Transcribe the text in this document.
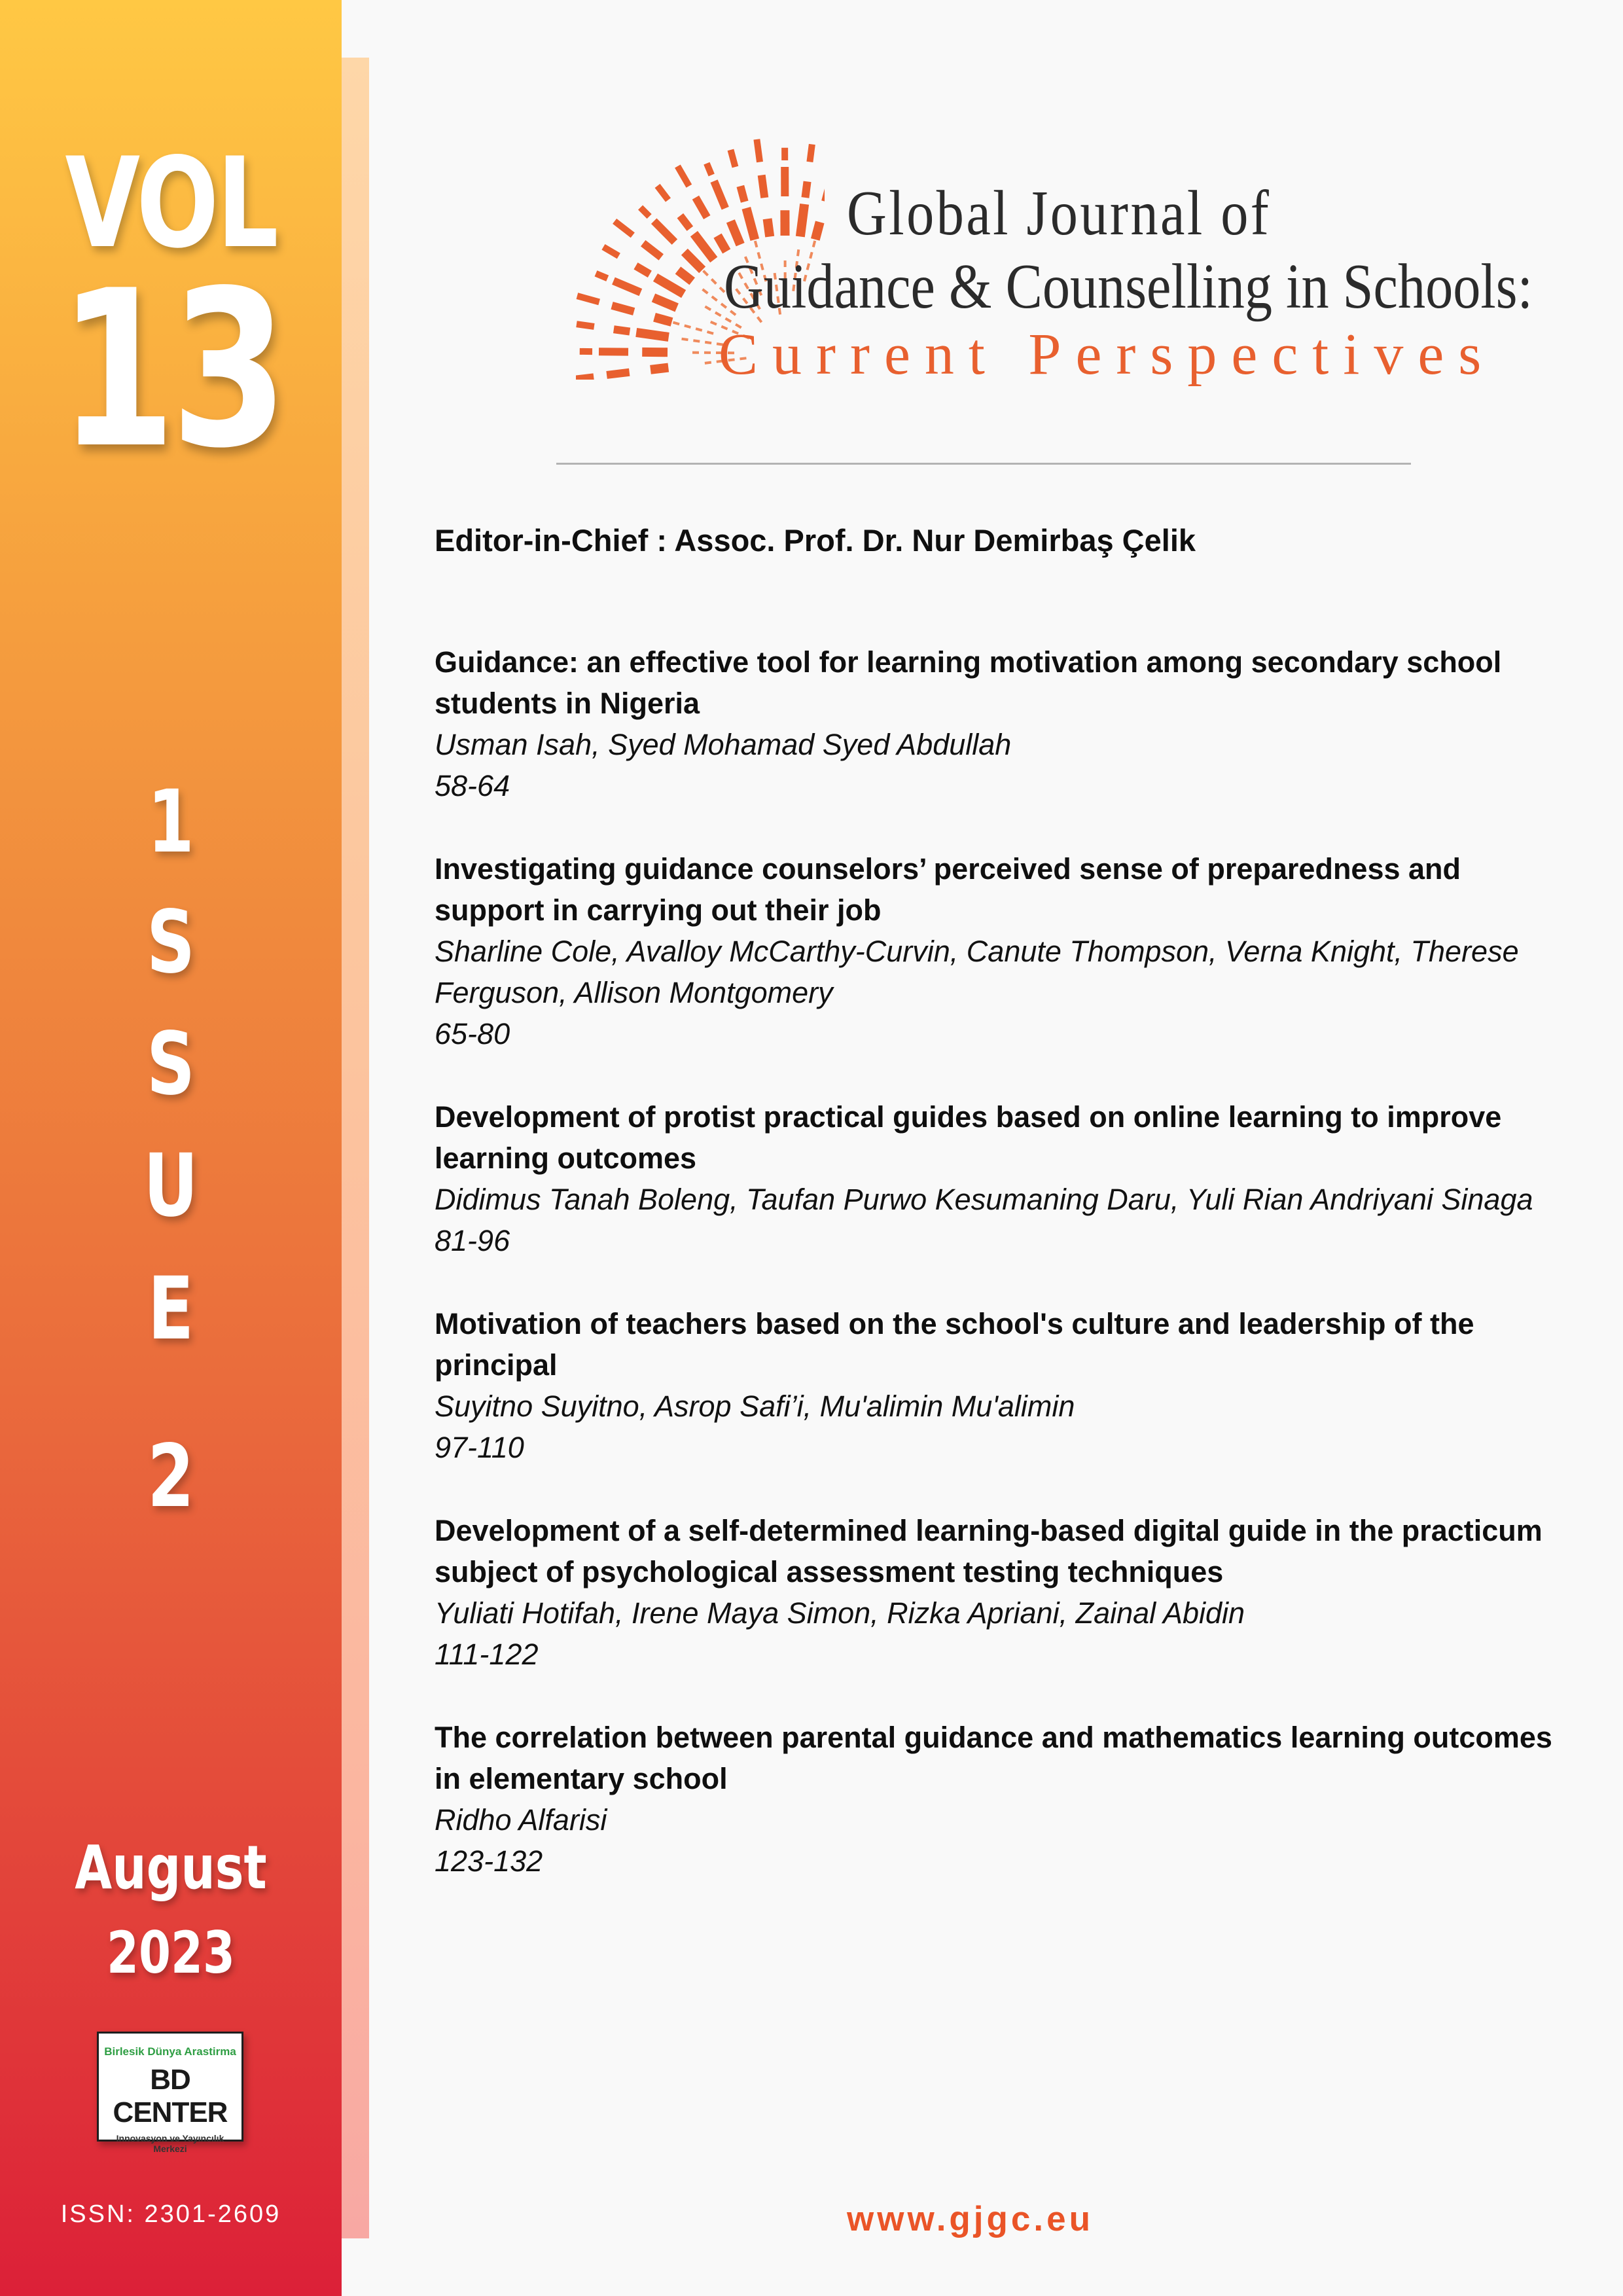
VOL
13
1
S
S
U
E
2
August
2023
Birlesik Dünya Arastirma
BD CENTER
Innovasyon ve Yayıncılık Merkezi
ISSN: 2301-2609
Global Journal of
Guidance & Counselling in Schools:
Current Perspectives
Editor-in-Chief : Assoc. Prof. Dr. Nur Demirbaş Çelik
Guidance: an effective tool for learning motivation among secondary school students in Nigeria
Usman Isah, Syed Mohamad Syed Abdullah
58-64
Investigating guidance counselors’ perceived sense of preparedness and support in carrying out their job
Sharline Cole, Avalloy McCarthy-Curvin, Canute Thompson, Verna Knight, Therese Ferguson, Allison Montgomery
65-80
Development of protist practical guides based on online learning to improve learning outcomes
Didimus Tanah Boleng, Taufan Purwo Kesumaning Daru, Yuli Rian Andriyani Sinaga
81-96
Motivation of teachers based on the school's culture and leadership of the principal
Suyitno Suyitno, Asrop Safi’i, Mu'alimin Mu'alimin
97-110
Development of a self-determined learning-based digital guide in the practicum subject of psychological assessment testing techniques
Yuliati Hotifah, Irene Maya Simon, Rizka Apriani, Zainal Abidin
111-122
The correlation between parental guidance and mathematics learning outcomes in elementary school
Ridho Alfarisi
123-132
www.gjgc.eu
